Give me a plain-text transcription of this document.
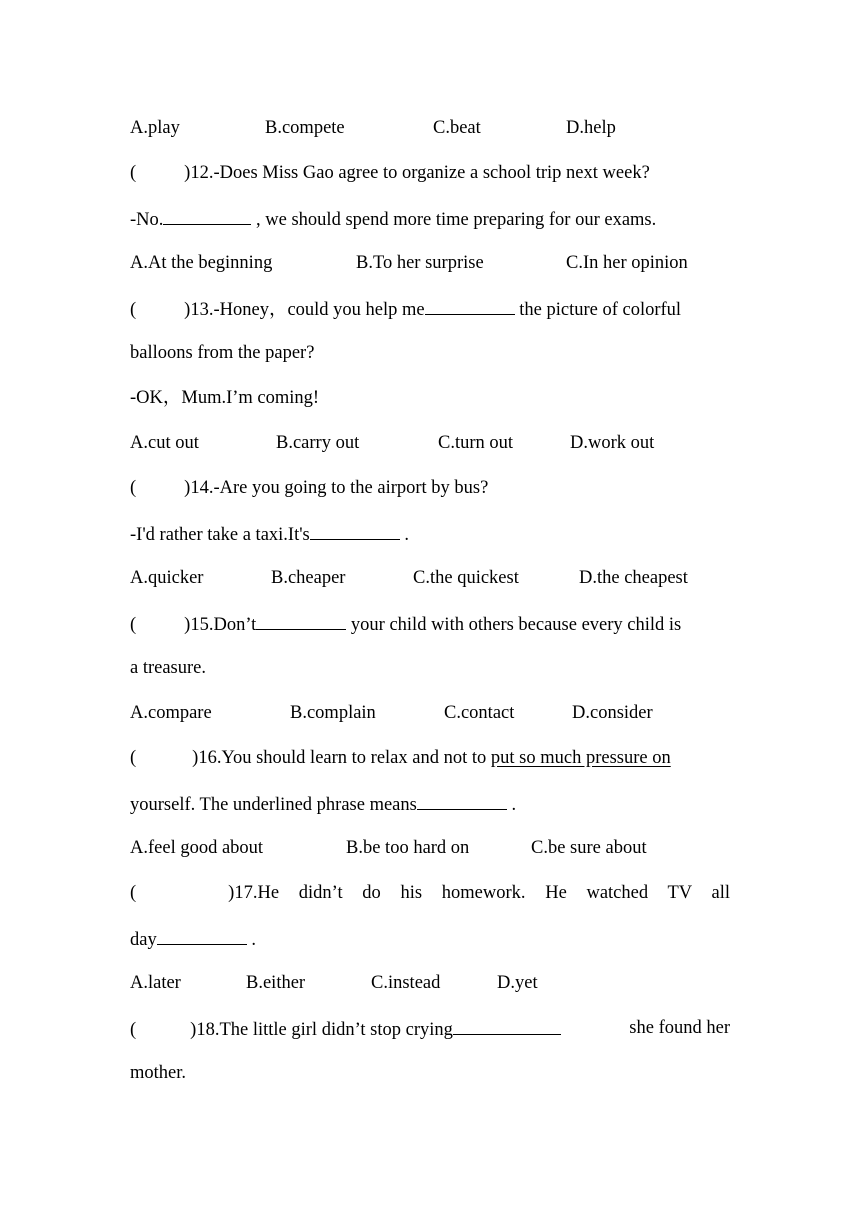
A.play	B.compete	C.beat	D.help
(	)12.-Does Miss Gao agree to organize a school trip next week?
-No.	, we should spend more time preparing for our exams.
A.At the beginning	B.To her surprise	C.In her opinion
(	)13.-Honey，could you help me	the picture of colorful
balloons from the paper?
-OK，Mum.I’m coming!
A.cut out	B.carry out	C.turn out	D.work out
(	)14.-Are you going to the airport by bus?
-I'd rather take a taxi.It's	.
A.quicker	B.cheaper	C.the quickest	D.the cheapest
(	)15.Don’t	your child with others because every child is
a treasure.
A.compare	B.complain	C.contact	D.consider
(	)16.You should learn to relax and not to put so much pressure on
yourself. The underlined phrase means	.
A.feel good about	B.be too hard on	C.be sure about
(	)17.He didn’t do his homework. He watched TV all
day	.
A.later	B.either	C.instead	D.yet
(	)18.The little girl didn’t stop crying	she found her
mother.
